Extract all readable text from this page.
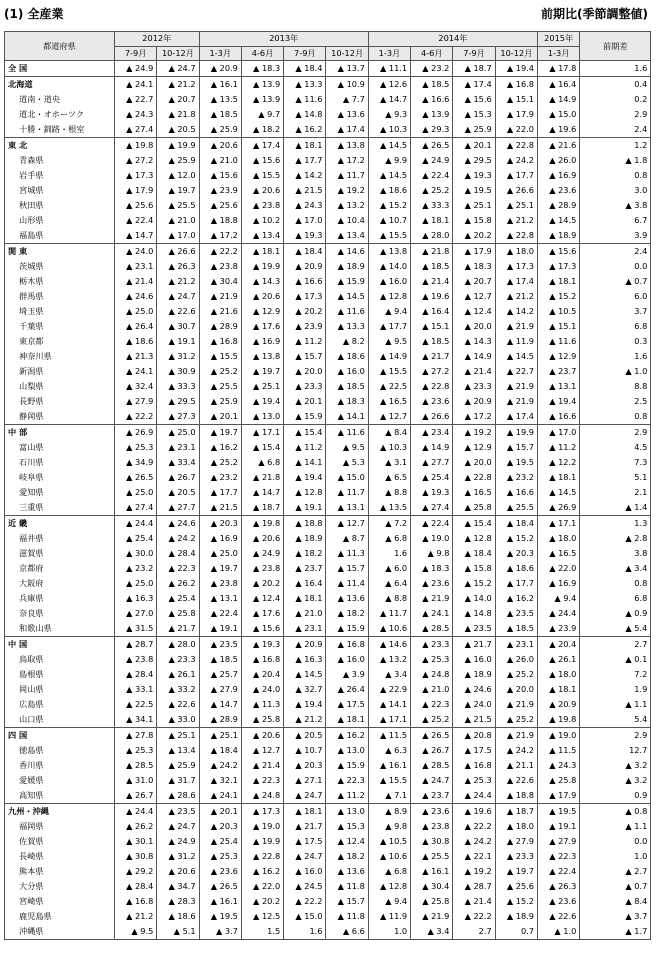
(1) 全産業	前期比(季節調整値)
都道府県	2012年		2013年				2014年				2015年	前期差
	7-9月	10-12月	1-3月	4-6月	7-9月	10-12月	1-3月	4-6月	7-9月	10-12月	1-3月	
全 国	▲ 24.9	▲ 24.7	▲ 20.9	▲ 18.3	▲ 18.4	▲ 13.7	▲ 11.1	▲ 23.2	▲ 18.7	▲ 19.4	▲ 17.8	1.6
北海道	▲ 24.1	▲ 21.2	▲ 16.1	▲ 13.9	▲ 13.3	▲ 10.9	▲ 12.6	▲ 18.5	▲ 17.4	▲ 16.8	▲ 16.4	0.4
道南・道央	▲ 22.7	▲ 20.7	▲ 13.5	▲ 13.9	▲ 11.6	▲ 7.7	▲ 14.7	▲ 16.6	▲ 15.6	▲ 15.1	▲ 14.9	0.2
道北・オホーツク	▲ 24.3	▲ 21.8	▲ 18.5	▲ 9.7	▲ 14.8	▲ 13.6	▲ 9.3	▲ 13.9	▲ 15.3	▲ 17.9	▲ 15.0	2.9
十勝・釧路・根室	▲ 27.4	▲ 20.5	▲ 25.9	▲ 18.2	▲ 16.2	▲ 17.4	▲ 10.3	▲ 29.3	▲ 25.9	▲ 22.0	▲ 19.6	2.4
東 北	▲ 19.8	▲ 19.9	▲ 20.6	▲ 17.4	▲ 18.1	▲ 13.8	▲ 14.5	▲ 26.5	▲ 20.1	▲ 22.8	▲ 21.6	1.2
青森県	▲ 27.2	▲ 25.9	▲ 21.0	▲ 15.6	▲ 17.7	▲ 17.2	▲ 9.9	▲ 24.9	▲ 29.5	▲ 24.2	▲ 26.0	▲ 1.8
岩手県	▲ 17.3	▲ 12.0	▲ 15.6	▲ 15.5	▲ 14.2	▲ 11.7	▲ 14.5	▲ 22.4	▲ 19.3	▲ 17.7	▲ 16.9	0.8
宮城県	▲ 17.9	▲ 19.7	▲ 23.9	▲ 20.6	▲ 21.5	▲ 19.2	▲ 18.6	▲ 25.2	▲ 19.5	▲ 26.6	▲ 23.6	3.0
秋田県	▲ 25.6	▲ 25.5	▲ 25.6	▲ 23.8	▲ 24.3	▲ 13.2	▲ 15.2	▲ 33.3	▲ 25.1	▲ 25.1	▲ 28.9	▲ 3.8
山形県	▲ 22.4	▲ 21.0	▲ 18.8	▲ 10.2	▲ 17.0	▲ 10.4	▲ 10.7	▲ 18.1	▲ 15.8	▲ 21.2	▲ 14.5	6.7
福島県	▲ 14.7	▲ 17.0	▲ 17.2	▲ 13.4	▲ 19.3	▲ 13.4	▲ 15.5	▲ 28.0	▲ 20.2	▲ 22.8	▲ 18.9	3.9
関 東	▲ 24.0	▲ 26.6	▲ 22.2	▲ 18.1	▲ 18.4	▲ 14.6	▲ 13.8	▲ 21.8	▲ 17.9	▲ 18.0	▲ 15.6	2.4
茨城県	▲ 23.1	▲ 26.3	▲ 23.8	▲ 19.9	▲ 20.9	▲ 18.9	▲ 14.0	▲ 18.5	▲ 18.3	▲ 17.3	▲ 17.3	0.0
栃木県	▲ 21.4	▲ 21.2	▲ 30.4	▲ 14.3	▲ 16.6	▲ 15.9	▲ 16.0	▲ 21.4	▲ 20.7	▲ 17.4	▲ 18.1	▲ 0.7
群馬県	▲ 24.6	▲ 24.7	▲ 21.9	▲ 20.6	▲ 17.3	▲ 14.5	▲ 12.8	▲ 19.6	▲ 12.7	▲ 21.2	▲ 15.2	6.0
埼玉県	▲ 25.0	▲ 22.6	▲ 21.6	▲ 12.9	▲ 20.2	▲ 11.6	▲ 9.4	▲ 16.4	▲ 12.4	▲ 14.2	▲ 10.5	3.7
千葉県	▲ 26.4	▲ 30.7	▲ 28.9	▲ 17.6	▲ 23.9	▲ 13.3	▲ 17.7	▲ 15.1	▲ 20.0	▲ 21.9	▲ 15.1	6.8
東京都	▲ 18.6	▲ 19.1	▲ 16.8	▲ 16.9	▲ 11.2	▲ 8.2	▲ 9.5	▲ 18.5	▲ 14.3	▲ 11.9	▲ 11.6	0.3
神奈川県	▲ 21.3	▲ 31.2	▲ 15.5	▲ 13.8	▲ 15.7	▲ 18.6	▲ 14.9	▲ 21.7	▲ 14.9	▲ 14.5	▲ 12.9	1.6
新潟県	▲ 24.1	▲ 30.9	▲ 25.2	▲ 19.7	▲ 20.0	▲ 16.0	▲ 15.5	▲ 27.2	▲ 21.4	▲ 22.7	▲ 23.7	▲ 1.0
山梨県	▲ 32.4	▲ 33.3	▲ 25.5	▲ 25.1	▲ 23.3	▲ 18.5	▲ 22.5	▲ 22.8	▲ 23.3	▲ 21.9	▲ 13.1	8.8
長野県	▲ 27.9	▲ 29.5	▲ 25.9	▲ 19.4	▲ 20.1	▲ 18.3	▲ 16.5	▲ 23.6	▲ 20.9	▲ 21.9	▲ 19.4	2.5
静岡県	▲ 22.2	▲ 27.3	▲ 20.1	▲ 13.0	▲ 15.9	▲ 14.1	▲ 12.7	▲ 26.6	▲ 17.2	▲ 17.4	▲ 16.6	0.8
中 部	▲ 26.9	▲ 25.0	▲ 19.7	▲ 17.1	▲ 15.4	▲ 11.6	▲ 8.4	▲ 23.4	▲ 19.2	▲ 19.9	▲ 17.0	2.9
富山県	▲ 25.3	▲ 23.1	▲ 16.2	▲ 15.4	▲ 11.2	▲ 9.5	▲ 10.3	▲ 14.9	▲ 12.9	▲ 15.7	▲ 11.2	4.5
石川県	▲ 34.9	▲ 33.4	▲ 25.2	▲ 6.8	▲ 14.1	▲ 5.3	▲ 3.1	▲ 27.7	▲ 20.0	▲ 19.5	▲ 12.2	7.3
岐阜県	▲ 26.5	▲ 26.7	▲ 23.2	▲ 21.8	▲ 19.4	▲ 15.0	▲ 6.5	▲ 25.4	▲ 22.8	▲ 23.2	▲ 18.1	5.1
愛知県	▲ 25.0	▲ 20.5	▲ 17.7	▲ 14.7	▲ 12.8	▲ 11.7	▲ 8.8	▲ 19.3	▲ 16.5	▲ 16.6	▲ 14.5	2.1
三重県	▲ 27.4	▲ 27.7	▲ 21.5	▲ 18.7	▲ 19.1	▲ 13.1	▲ 13.5	▲ 27.4	▲ 25.8	▲ 25.5	▲ 26.9	▲ 1.4
近 畿	▲ 24.4	▲ 24.6	▲ 20.3	▲ 19.8	▲ 18.8	▲ 12.7	▲ 7.2	▲ 22.4	▲ 15.4	▲ 18.4	▲ 17.1	1.3
福井県	▲ 25.4	▲ 24.2	▲ 16.9	▲ 20.6	▲ 18.9	▲ 8.7	▲ 6.8	▲ 19.0	▲ 12.8	▲ 15.2	▲ 18.0	▲ 2.8
滋賀県	▲ 30.0	▲ 28.4	▲ 25.0	▲ 24.9	▲ 18.2	▲ 11.3	1.6	▲ 9.8	▲ 18.4	▲ 20.3	▲ 16.5	3.8
京都府	▲ 23.2	▲ 22.3	▲ 19.7	▲ 23.8	▲ 23.7	▲ 15.7	▲ 6.0	▲ 18.3	▲ 15.8	▲ 18.6	▲ 22.0	▲ 3.4
大阪府	▲ 25.0	▲ 26.2	▲ 23.8	▲ 20.2	▲ 16.4	▲ 11.4	▲ 6.4	▲ 23.6	▲ 15.2	▲ 17.7	▲ 16.9	0.8
兵庫県	▲ 16.3	▲ 25.4	▲ 13.1	▲ 12.4	▲ 18.1	▲ 13.6	▲ 8.8	▲ 21.9	▲ 14.0	▲ 16.2	▲ 9.4	6.8
奈良県	▲ 27.0	▲ 25.8	▲ 22.4	▲ 17.6	▲ 21.0	▲ 18.2	▲ 11.7	▲ 24.1	▲ 14.8	▲ 23.5	▲ 24.4	▲ 0.9
和歌山県	▲ 31.5	▲ 21.7	▲ 19.1	▲ 15.6	▲ 23.1	▲ 15.9	▲ 10.6	▲ 28.5	▲ 23.5	▲ 18.5	▲ 23.9	▲ 5.4
中 国	▲ 28.7	▲ 28.0	▲ 23.5	▲ 19.3	▲ 20.9	▲ 16.8	▲ 14.6	▲ 23.3	▲ 21.7	▲ 23.1	▲ 20.4	2.7
鳥取県	▲ 23.8	▲ 23.3	▲ 18.5	▲ 16.8	▲ 16.3	▲ 16.0	▲ 13.2	▲ 25.3	▲ 16.0	▲ 26.0	▲ 26.1	▲ 0.1
島根県	▲ 28.4	▲ 26.1	▲ 25.7	▲ 20.4	▲ 14.5	▲ 3.9	▲ 3.4	▲ 24.8	▲ 18.9	▲ 25.2	▲ 18.0	7.2
岡山県	▲ 33.1	▲ 33.2	▲ 27.9	▲ 24.0	▲ 32.7	▲ 26.4	▲ 22.9	▲ 21.0	▲ 24.6	▲ 20.0	▲ 18.1	1.9
広島県	▲ 22.5	▲ 22.6	▲ 14.7	▲ 11.3	▲ 19.4	▲ 17.5	▲ 14.1	▲ 22.3	▲ 24.0	▲ 21.9	▲ 20.9	▲ 1.1
山口県	▲ 34.1	▲ 33.0	▲ 28.9	▲ 25.8	▲ 21.2	▲ 18.1	▲ 17.1	▲ 25.2	▲ 21.5	▲ 25.2	▲ 19.8	5.4
四 国	▲ 27.8	▲ 25.1	▲ 25.1	▲ 20.6	▲ 20.5	▲ 16.2	▲ 11.5	▲ 26.5	▲ 20.8	▲ 21.9	▲ 19.0	2.9
徳島県	▲ 25.3	▲ 13.4	▲ 18.4	▲ 12.7	▲ 10.7	▲ 13.0	▲ 6.3	▲ 26.7	▲ 17.5	▲ 24.2	▲ 11.5	12.7
香川県	▲ 28.5	▲ 25.9	▲ 24.2	▲ 21.4	▲ 20.3	▲ 15.9	▲ 16.1	▲ 28.5	▲ 16.8	▲ 21.1	▲ 24.3	▲ 3.2
愛媛県	▲ 31.0	▲ 31.7	▲ 32.1	▲ 22.3	▲ 27.1	▲ 22.3	▲ 15.5	▲ 24.7	▲ 25.3	▲ 22.6	▲ 25.8	▲ 3.2
高知県	▲ 26.7	▲ 28.6	▲ 24.1	▲ 24.8	▲ 24.7	▲ 11.2	▲ 7.1	▲ 23.7	▲ 24.4	▲ 18.8	▲ 17.9	0.9
九州・沖縄	▲ 24.4	▲ 23.5	▲ 20.1	▲ 17.3	▲ 18.1	▲ 13.0	▲ 8.9	▲ 23.6	▲ 19.6	▲ 18.7	▲ 19.5	▲ 0.8
福岡県	▲ 26.2	▲ 24.7	▲ 20.3	▲ 19.0	▲ 21.7	▲ 15.3	▲ 9.8	▲ 23.8	▲ 22.2	▲ 18.0	▲ 19.1	▲ 1.1
佐賀県	▲ 30.1	▲ 24.9	▲ 25.4	▲ 19.9	▲ 17.5	▲ 12.4	▲ 10.5	▲ 30.8	▲ 24.2	▲ 27.9	▲ 27.9	0.0
長崎県	▲ 30.8	▲ 31.2	▲ 25.3	▲ 22.8	▲ 24.7	▲ 18.2	▲ 10.6	▲ 25.5	▲ 22.1	▲ 23.3	▲ 22.3	1.0
熊本県	▲ 29.2	▲ 20.6	▲ 23.6	▲ 16.2	▲ 16.0	▲ 13.6	▲ 6.8	▲ 16.1	▲ 19.2	▲ 19.7	▲ 22.4	▲ 2.7
大分県	▲ 28.4	▲ 34.7	▲ 26.5	▲ 22.0	▲ 24.5	▲ 11.8	▲ 12.8	▲ 30.4	▲ 28.7	▲ 25.6	▲ 26.3	▲ 0.7
宮崎県	▲ 16.8	▲ 28.3	▲ 16.1	▲ 20.2	▲ 22.2	▲ 15.7	▲ 9.4	▲ 25.8	▲ 21.4	▲ 15.2	▲ 23.6	▲ 8.4
鹿児島県	▲ 21.2	▲ 18.6	▲ 19.5	▲ 12.5	▲ 15.0	▲ 11.8	▲ 11.9	▲ 21.9	▲ 22.2	▲ 18.9	▲ 22.6	▲ 3.7
沖縄県	▲ 9.5	▲ 5.1	▲ 3.7	1.5	1.6	▲ 6.6	1.0	▲ 3.4	2.7	0.7	▲ 1.0	▲ 1.7
